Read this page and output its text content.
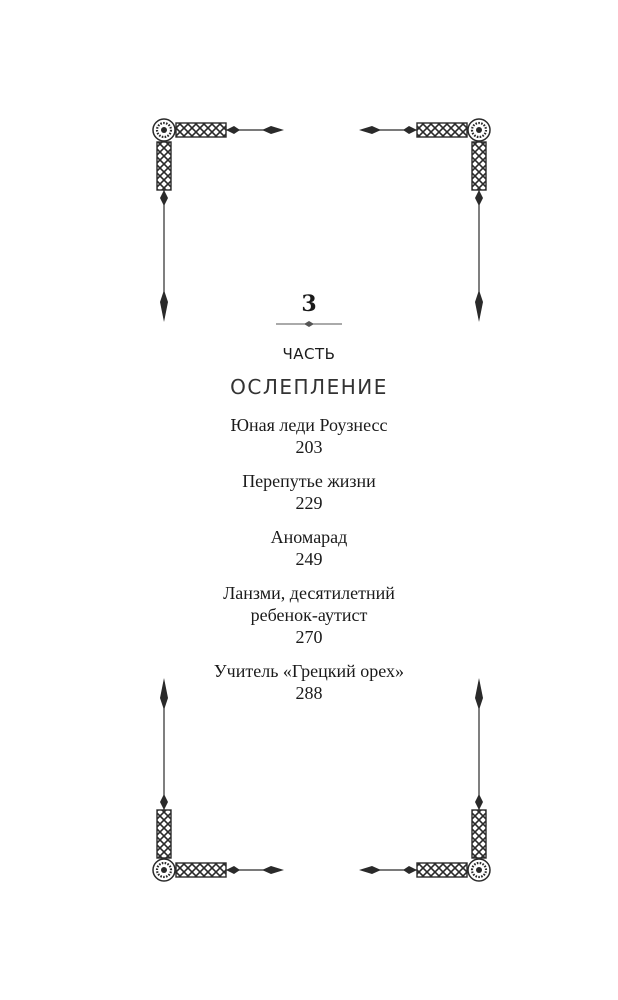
3
ЧАСТЬ
ОСЛЕПЛЕНИЕ
Юная леди Роузнесс
203
Перепутье жизни
229
Аномарад
249
Ланзми, десятилетний
ребенок-аутист
270
Учитель «Грецкий орех»
288
